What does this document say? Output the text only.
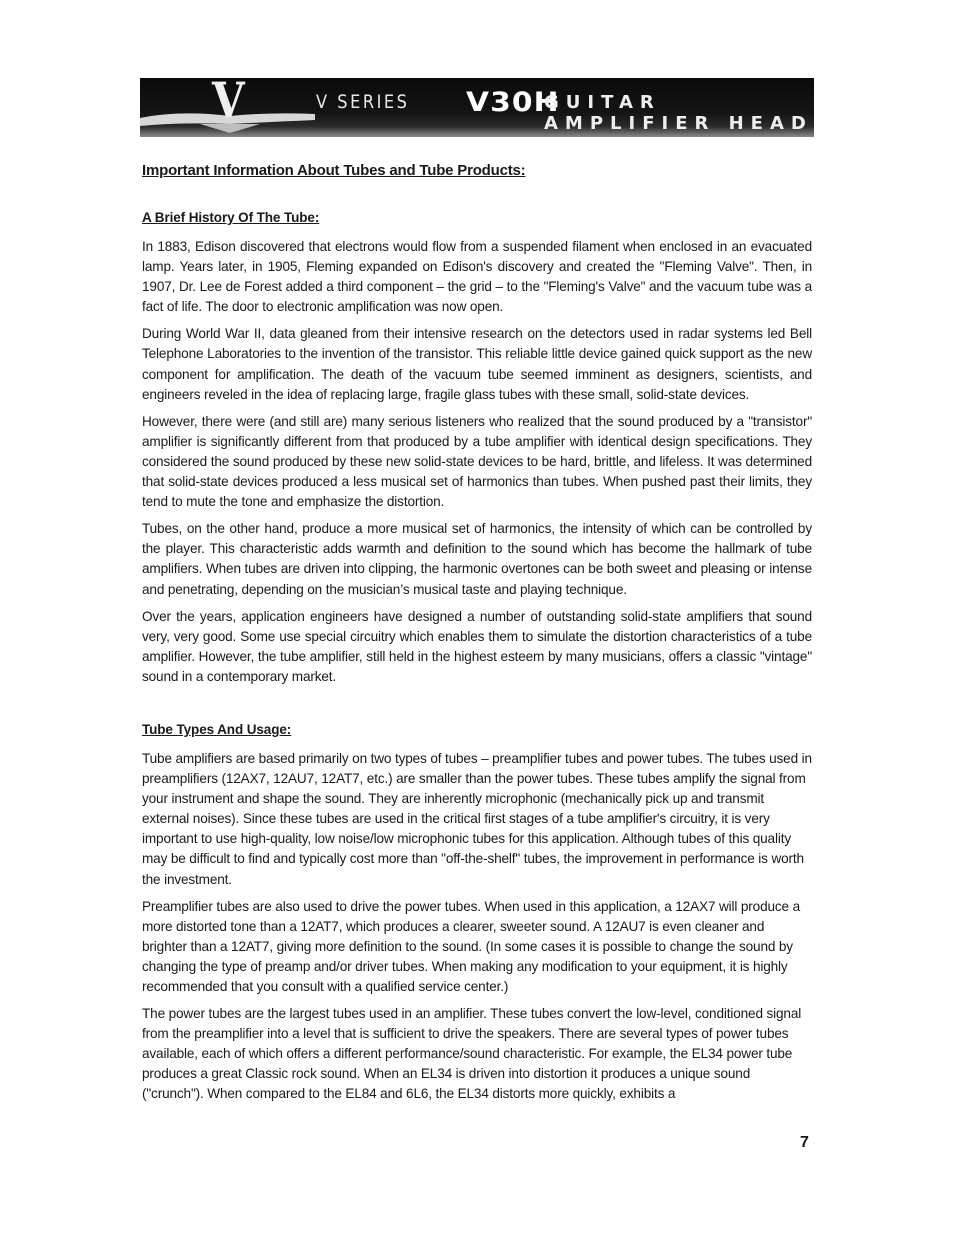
V	V SERIES V30H
GUITAR AMPLIFIER HEAD
Important Information About Tubes and Tube Products:
A Brief History Of The Tube:

In 1883, Edison discovered that electrons would flow from a suspended filament when enclosed in an evacuated lamp. Years later, in 1905, Fleming expanded on Edison's discovery and created the "Fleming Valve". Then, in 1907, Dr. Lee de Forest added a third component – the grid – to the "Fleming's Valve" and the vacuum tube was a fact of life. The door to electronic amplification was now open.

During World War II, data gleaned from their intensive research on the detectors used in radar systems led Bell Telephone Laboratories to the invention of the transistor. This reliable little device gained quick support as the new component for amplification. The death of the vacuum tube seemed imminent as designers, scientists, and engineers reveled in the idea of replacing large, fragile glass tubes with these small, solid-state devices.

However, there were (and still are) many serious listeners who realized that the sound produced by a "transistor" amplifier is significantly different from that produced by a tube amplifier with identical design specifications. They considered the sound produced by these new solid-state devices to be hard, brittle, and lifeless. It was determined that solid-state devices produced a less musical set of harmonics than tubes. When pushed past their limits, they tend to mute the tone and emphasize the distortion.

Tubes, on the other hand, produce a more musical set of harmonics, the intensity of which can be controlled by the player. This characteristic adds warmth and definition to the sound which has become the hallmark of tube amplifiers. When tubes are driven into clipping, the harmonic overtones can be both sweet and pleasing or intense and penetrating, depending on the musician’s musical taste and playing technique.

Over the years, application engineers have designed a number of outstanding solid-state amplifiers that sound very, very good. Some use special circuitry which enables them to simulate the distortion characteristics of a tube amplifier. However, the tube amplifier, still held in the highest esteem by many musicians, offers a classic "vintage" sound in a contemporary market.

Tube Types And Usage:

Tube amplifiers are based primarily on two types of tubes – preamplifier tubes and power tubes. The tubes used in preamplifiers (12AX7, 12AU7, 12AT7, etc.) are smaller than the power tubes. These tubes amplify the signal from your instrument and shape the sound. They are inherently microphonic (mechanically pick up and transmit external noises). Since these tubes are used in the critical first stages of a tube amplifier's circuitry, it is very important to use high-quality, low noise/low microphonic tubes for this application. Although tubes of this quality may be difficult to find and typically cost more than "off-the-shelf" tubes, the improvement in performance is worth the investment.

Preamplifier tubes are also used to drive the power tubes. When used in this application, a 12AX7 will produce a more distorted tone than a 12AT7, which produces a clearer, sweeter sound. A 12AU7 is even cleaner and brighter than a 12AT7, giving more definition to the sound. (In some cases it is possible to change the sound by changing the type of preamp and/or driver tubes. When making any modification to your equipment, it is highly recommended that you consult with a qualified service center.)

The power tubes are the largest tubes used in an amplifier. These tubes convert the low-level, conditioned signal from the preamplifier into a level that is sufficient to drive the speakers. There are several types of power tubes available, each of which offers a different performance/sound characteristic. For example, the EL34 power tube produces a great Classic rock sound. When an EL34 is driven into distortion it produces a unique sound ("crunch"). When compared to the EL84 and 6L6, the EL34 distorts more quickly, exhibits a

7
